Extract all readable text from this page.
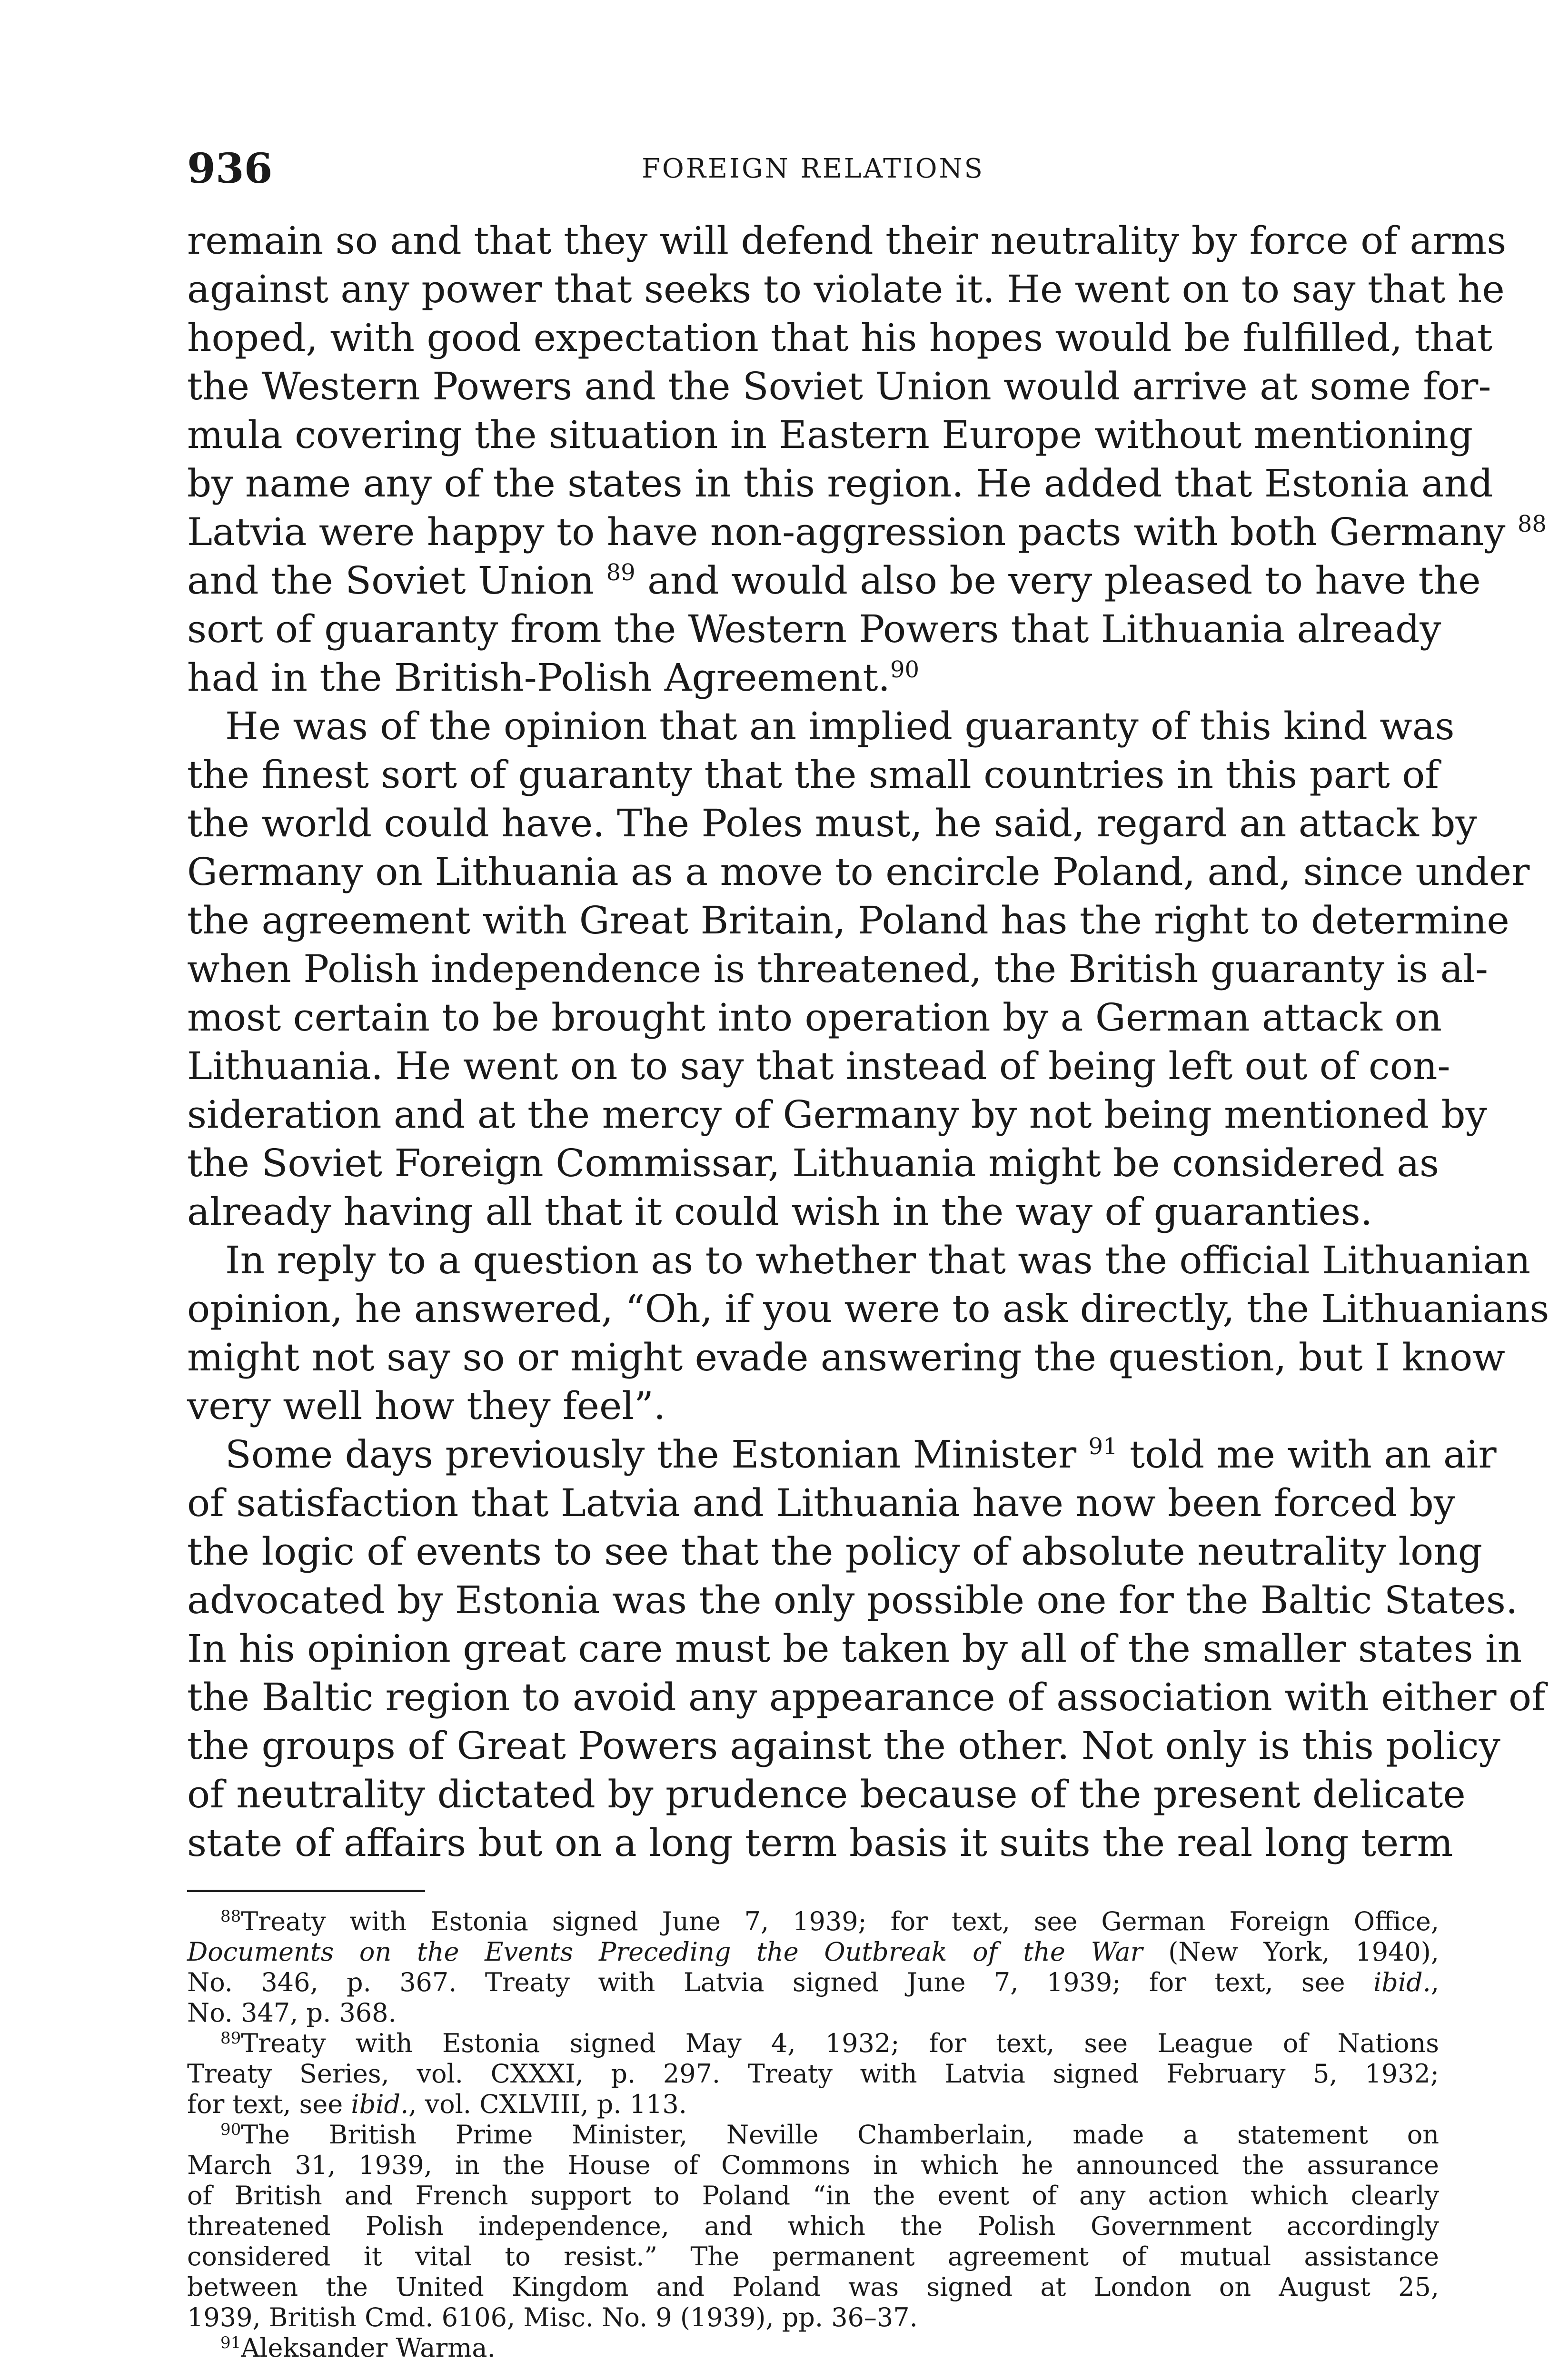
936	FOREIGN RELATIONS
remain so and that they will defend their neutrality by force of arms
against any power that seeks to violate it. He went on to say that he
hoped, with good expectation that his hopes would be fulfilled, that
the Western Powers and the Soviet Union would arrive at some for-
mula covering the situation in Eastern Europe without mentioning
by name any of the states in this region. He added that Estonia and
Latvia were happy to have non-aggression pacts with both Germany $^{88}$
and the Soviet Union $^{89}$ and would also be very pleased to have the
sort of guaranty from the Western Powers that Lithuania already
had in the British-Polish Agreement.$^{90}$
He was of the opinion that an implied guaranty of this kind was
the finest sort of guaranty that the small countries in this part of
the world could have. The Poles must, he said, regard an attack by
Germany on Lithuania as a move to encircle Poland, and, since under
the agreement with Great Britain, Poland has the right to determine
when Polish independence is threatened, the British guaranty is al-
most certain to be brought into operation by a German attack on
Lithuania. He went on to say that instead of being left out of con-
sideration and at the mercy of Germany by not being mentioned by
the Soviet Foreign Commissar, Lithuania might be considered as
already having all that it could wish in the way of guaranties.
In reply to a question as to whether that was the official Lithuanian
opinion, he answered, “Oh, if you were to ask directly, the Lithuanians
might not say so or might evade answering the question, but I know
very well how they feel”.
Some days previously the Estonian Minister $^{91}$ told me with an air
of satisfaction that Latvia and Lithuania have now been forced by
the logic of events to see that the policy of absolute neutrality long
advocated by Estonia was the only possible one for the Baltic States.
In his opinion great care must be taken by all of the smaller states in
the Baltic region to avoid any appearance of association with either of
the groups of Great Powers against the other. Not only is this policy
of neutrality dictated by prudence because of the present delicate
state of affairs but on a long term basis it suits the real long term
$^{88}$Treaty with Estonia signed June 7, 1939; for text, see German Foreign Office,
Documents on the Events Preceding the Outbreak of the War (New York, 1940),
No. 346, p. 367. Treaty with Latvia signed June 7, 1939; for text, see ibid.,
No. 347, p. 368.
$^{89}$Treaty with Estonia signed May 4, 1932; for text, see League of Nations
Treaty Series, vol. CXXXI, p. 297. Treaty with Latvia signed February 5, 1932;
for text, see ibid., vol. CXLVIII, p. 113.
$^{90}$The British Prime Minister, Neville Chamberlain, made a statement on
March 31, 1939, in the House of Commons in which he announced the assurance
of British and French support to Poland “in the event of any action which clearly
threatened Polish independence, and which the Polish Government accordingly
considered it vital to resist.” The permanent agreement of mutual assistance
between the United Kingdom and Poland was signed at London on August 25,
1939, British Cmd. 6106, Misc. No. 9 (1939), pp. 36–37.
$^{91}$Aleksander Warma.
